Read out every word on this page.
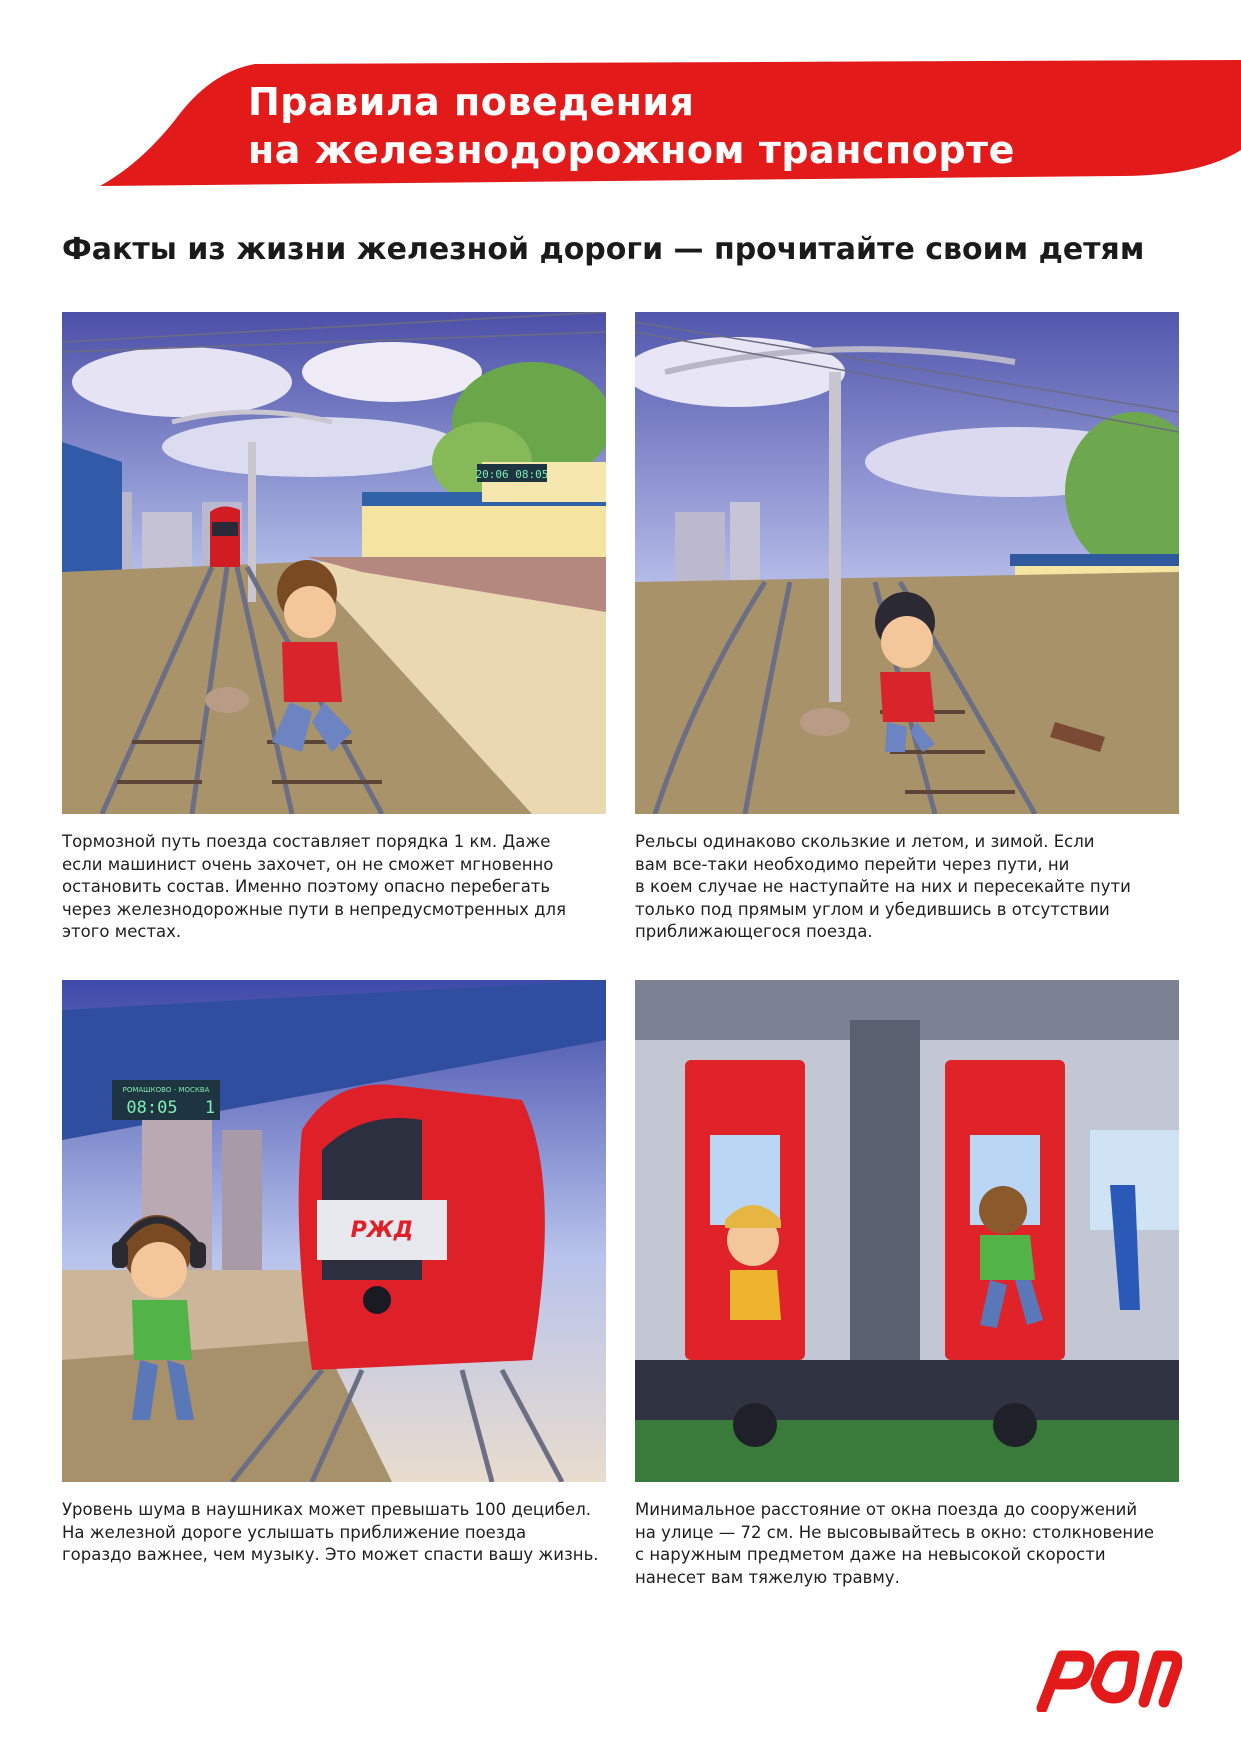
Правила поведения
на железнодорожном транспорте
Факты из жизни железной дороги — прочитайте своим детям
20:06 08:05

Тормозной путь поезда составляет порядка 1 км. Даже
если машинист очень захочет, он не сможет мгновенно
остановить состав. Именно поэтому опасно перебегать
через железнодорожные пути в непредусмотренных для
этого местах.

Рельсы одинаково скользкие и летом, и зимой. Если
вам все-таки необходимо перейти через пути, ни
в коем случае не наступайте на них и пересекайте пути
только под прямым углом и убедившись в отсутствии
приближающегося поезда.

РОМАШКОВО - МОСКВА
08:05 1
РЖД

Уровень шума в наушниках может превышать 100 децибел.
На железной дороге услышать приближение поезда
гораздо важнее, чем музыку. Это может спасти вашу жизнь.

Минимальное расстояние от окна поезда до сооружений
на улице — 72 см. Не высовывайтесь в окно: столкновение
с наружным предметом даже на невысокой скорости
нанесет вам тяжелую травму.
